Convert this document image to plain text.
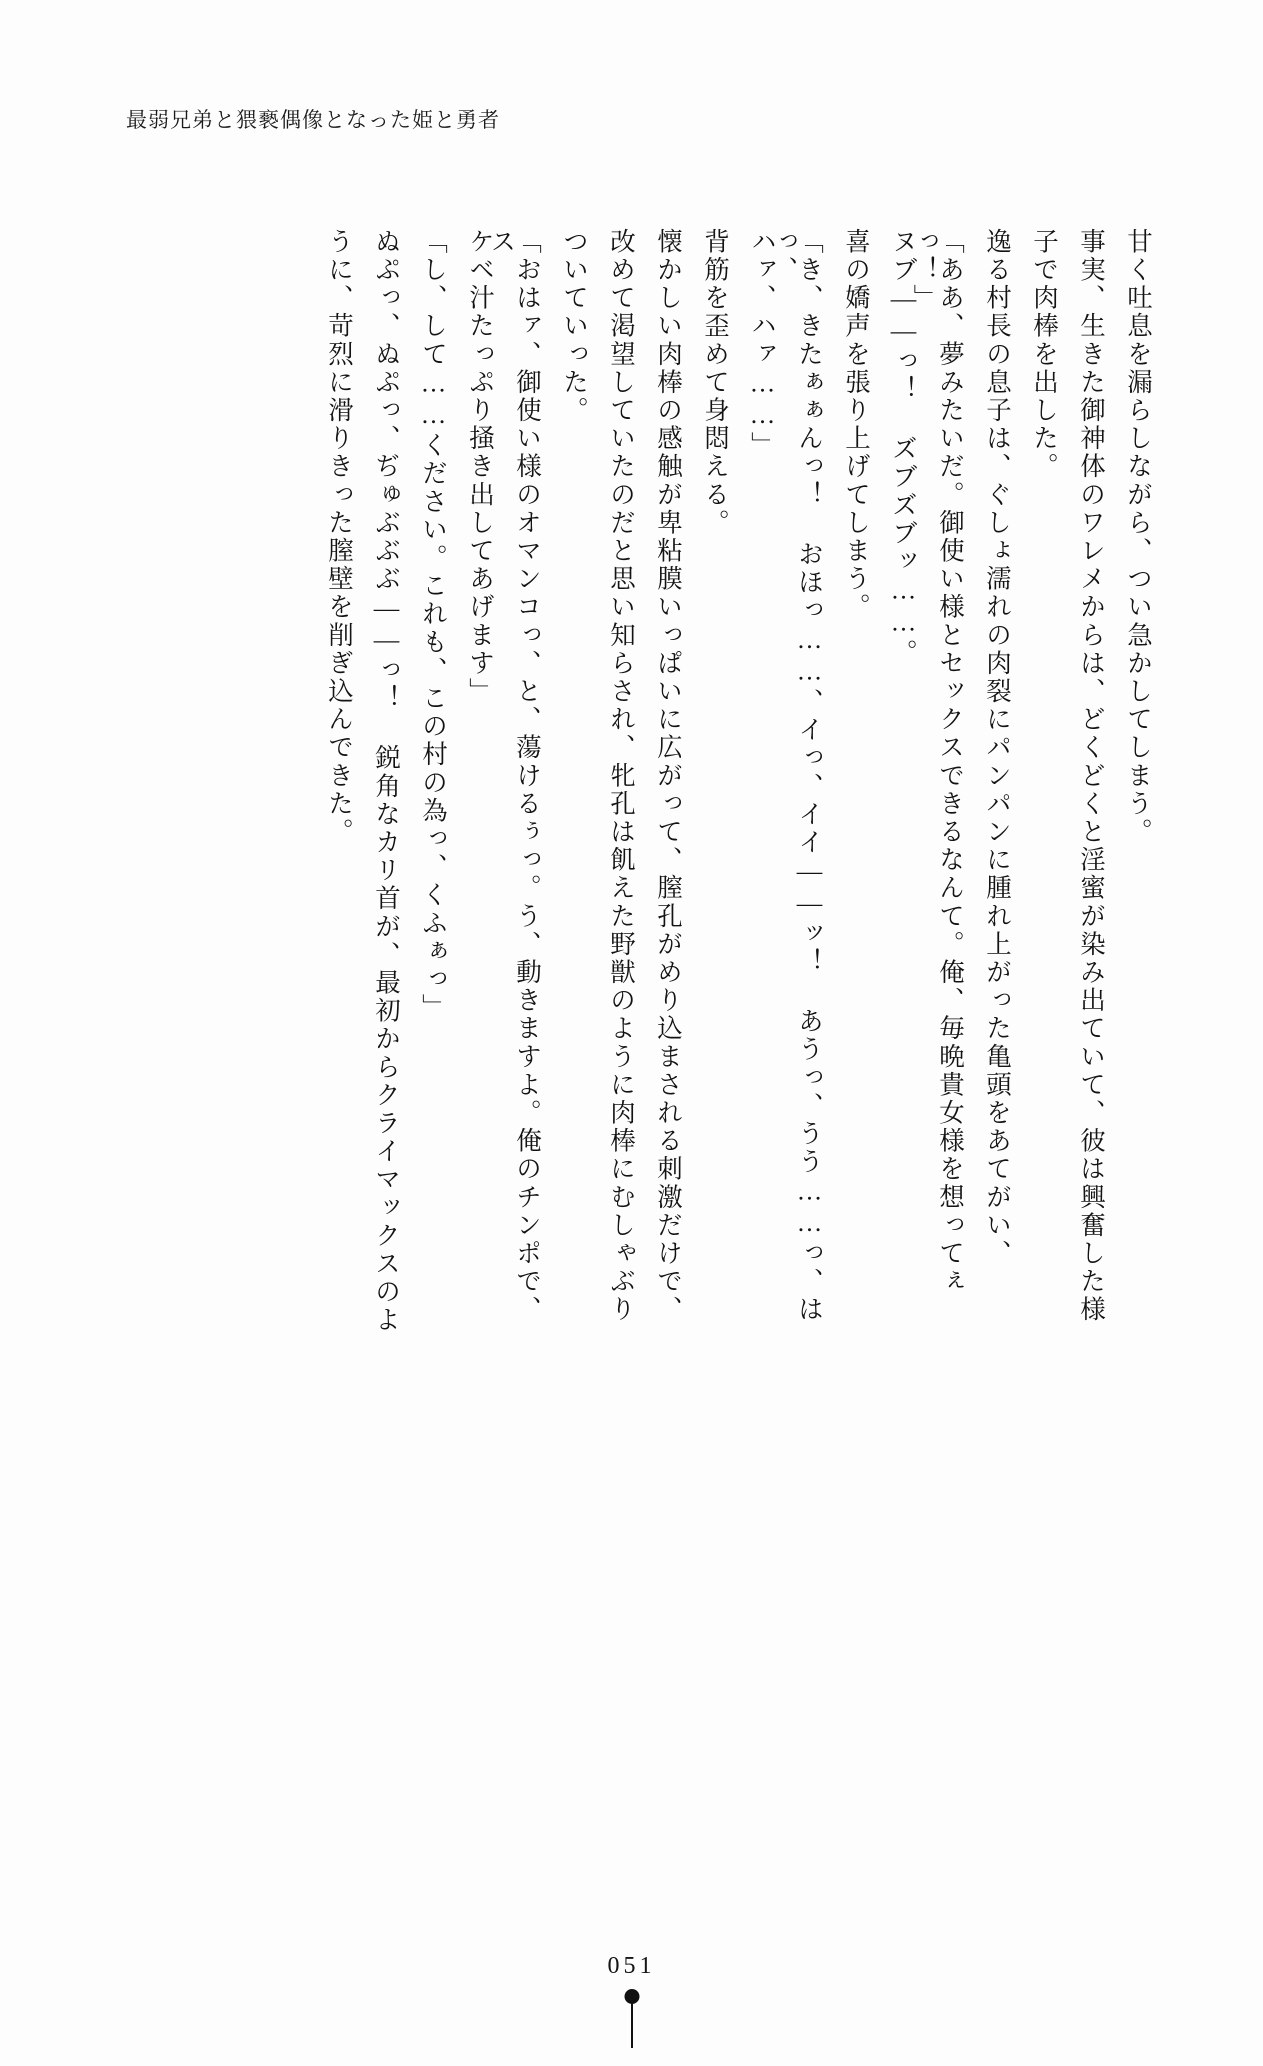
最弱兄弟と猥褻偶像となった姫と勇者
甘く吐息を漏らしながら、つい急かしてしまう。
事実、生きた御神体のワレメからは、どくどくと淫蜜が染み出ていて、彼は興奮した様
子で肉棒を出した。
逸る村長の息子は、ぐしょ濡れの肉裂にパンパンに腫れ上がった亀頭をあてがい、
「ああ、夢みたいだ。御使い様とセックスできるなんて。俺、毎晩貴女様を想ってぇっ！」
ヌブ――っ！ ズブズブッ……。
喜の嬌声を張り上げてしまう。
「き、きたぁぁんっ！ おほっ……、イっ、イイ――ッ！ あうっ、うう……っ、はっ、
ハァ、ハァ……」
背筋を歪めて身悶える。
懐かしい肉棒の感触が卑粘膜いっぱいに広がって、膣孔がめり込まされる刺激だけで、
改めて渇望していたのだと思い知らされ、牝孔は飢えた野獣のように肉棒にむしゃぶり
ついていった。
「おはァ、御使い様のオマンコっ、と、蕩けるぅっ。う、動きますよ。俺のチンポで、ス
ケベ汁たっぷり掻き出してあげます」
「し、して……ください。これも、この村の為っ、くふぁっ」
ぬぷっ、ぬぷっ、ぢゅぶぶぶ――っ！ 鋭角なカリ首が、最初からクライマックスのよ
うに、苛烈に滑りきった膣壁を削ぎ込んできた。
051
